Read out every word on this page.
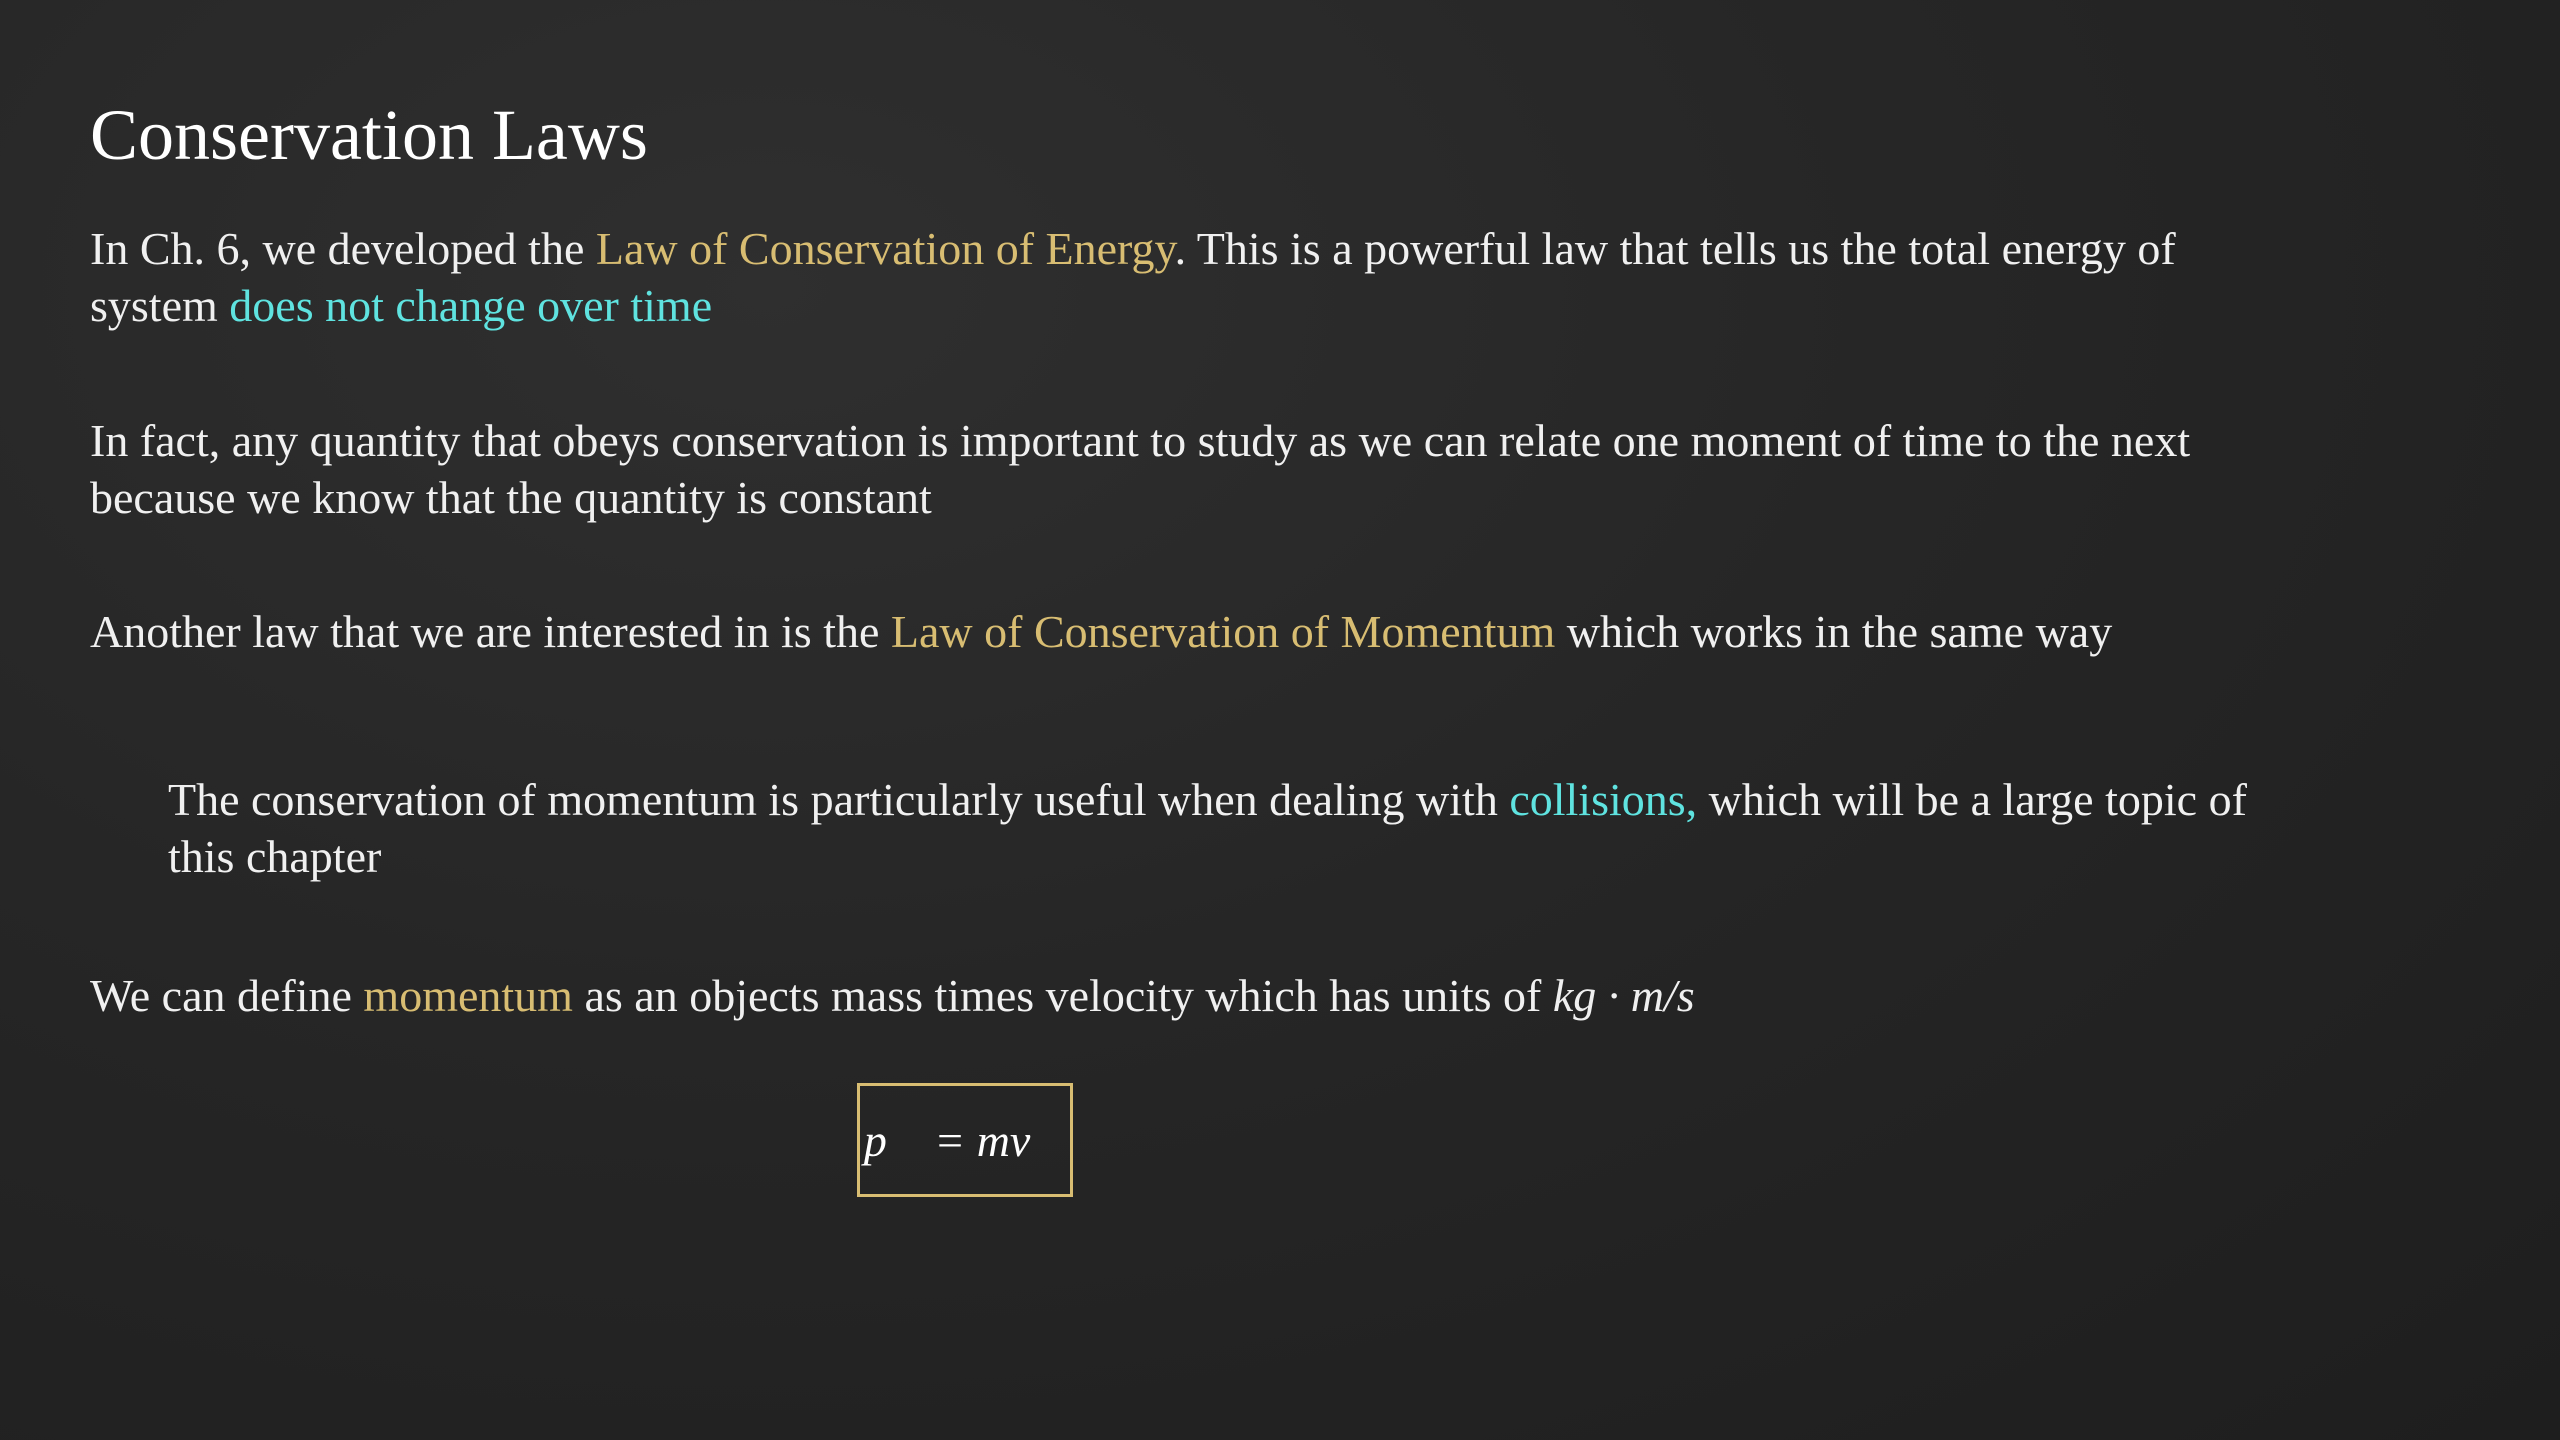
Conservation Laws

In Ch. 6, we developed the Law of Conservation of Energy. This is a powerful law that tells us the total energy of system does not change over time

In fact, any quantity that obeys conservation is important to study as we can relate one moment of time to the next because we know that the quantity is constant

Another law that we are interested in is the Law of Conservation of Momentum which works in the same way

The conservation of momentum is particularly useful when dealing with collisions, which will be a large topic of this chapter

We can define momentum as an objects mass times velocity which has units of kg · m/s

p⃗ = mv⃗
